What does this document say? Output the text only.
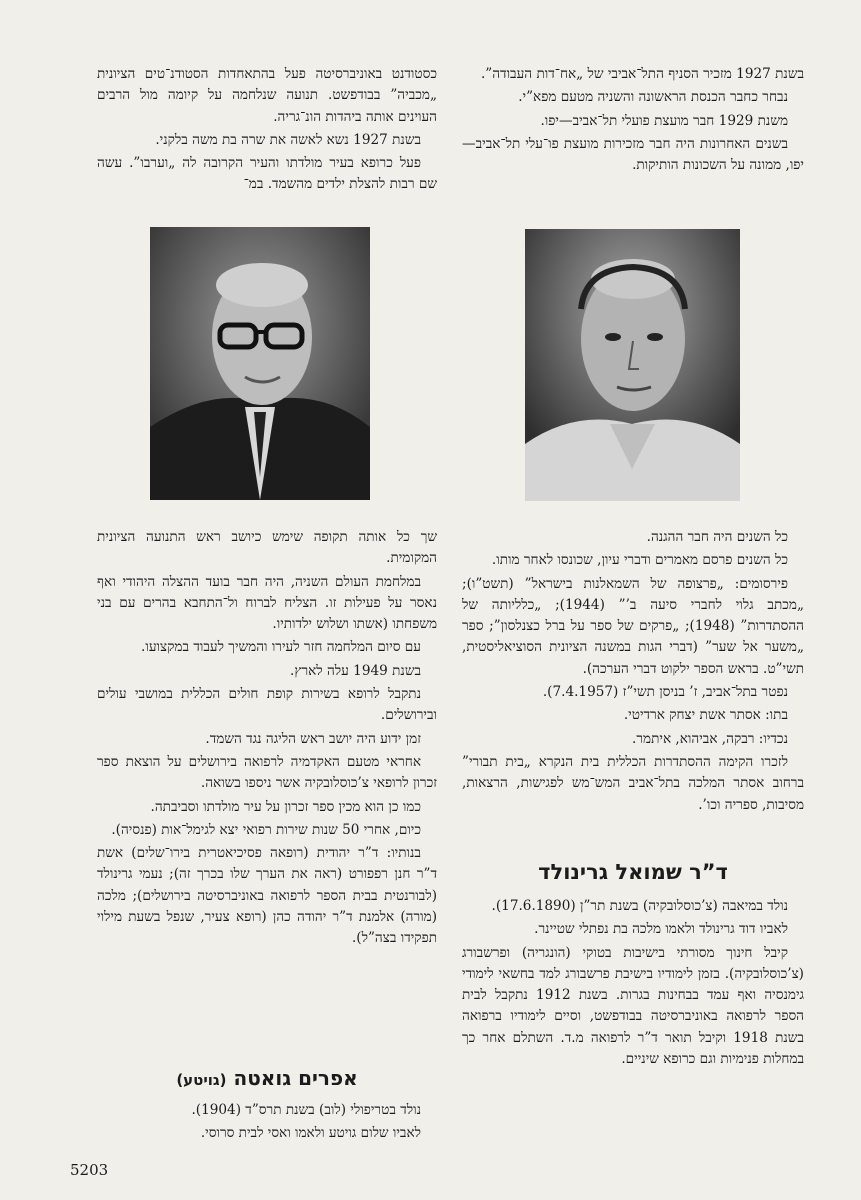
בשנת 1927 מזכיר הסניף התל־אביבי של „אח־דות העבודה”.

נבחר כחבר הכנסת הראשונה והשניה מטעם מפא”י.

משנת 1929 חבר מועצת פועלי תל־אביב—יפו.

בשנים האחרונות היה חבר מזכירות מועצת פו־עלי תל־אביב—יפו, ממונה על השכונות הותיקות.

כסטודנט באוניברסיטה פעל בהתאחדות הסטודנ־טים הציונית „מכביה” בבודפשט. תנועה שנלחמה על קיומה מול הרבים העוינים אותה ביהדות הונ־גריה.

בשנת 1927 נשא לאשה את שרה בת משה בלקני.

פעל כרופא בעיר מולדתו והעיר הקרובה לה „וערבו”. עשה שם רבות להצלת ילדים מהשמד. במ־

כל השנים היה חבר ההגנה.

כל השנים פרסם מאמרים ודברי עיון, שכונסו לאחר מותו.

פירסומים: „פרצופה של השמאלנות בישראל” (תשט”ו); „מכתב גלוי לחברי סיעה ב’” (1944); „כלליותה של ההסתדרות” (1948); „פרקים של ספר על ברל כצנלסון”; ספר „משער אל שער” (דברי הגות במשנה הציונית הסוציאליסטית, תשי”ט. בראש הספר ילקוט דברי הערכה).

נפטר בתל־אביב, ז’ בניסן תשי”ז (7.4.1957).

בתו: אסתר אשת יצחק ארדיטי.

נכדיו: רבקה, אביהוא, איתמר.

לזכרו הקימה ההסתדרות הכללית בית הנקרא „בית תבורי” ברחוב אסתר המלכה בתל־אביב המש־מש לפגישות, הרצאות, מסיבות, ספריה וכו’.

ד”ר שמואל גרינולד

נולד במיאבה (צ’כוסלובקיה) בשנת תר”ן (17.6.1890).

לאביו דוד גרינולד ולאמו מלכה בת נפתלי שטיינר.

קיבל חינוך מסורתי בישיבות בטוקי (הונגריה) ופרשבורג (צ’כוסלובקיה). בזמן לימודיו בישיבת פרשבורג למד בחשאי לימודי גימנסיה ואף עמד בבחינות בגרות. בשנת 1912 נתקבל לבית הספר לרפואה באוניברסיטה בבודפשט, וסיים לימודיו ברפואה בשנת 1918 וקיבל תואר ד”ר לרפואה מ.ד. השתלם אחר כך במחלות פנימיות וגם כרופא שיניים.

שך כל אותה תקופה שימש כיושב ראש התנועה הציונית המקומית.

במלחמת העולם השניה, היה חבר בועד ההצלה היהודי ואף נאסר על פעילות זו. הצליח לברוח ול־התחבא בהרים עם בני משפחתו (אשתו ושלוש ילדותיו.

עם סיום המלחמה חזר לעירו והמשיך לעבוד במקצועו.

בשנת 1949 עלה לארץ.

נתקבל לרופא בשירות קופת חולים הכללית במושבי עולים ובירושלים.

זמן ידוע היה יושב ראש הליגה נגד השמד.

אחראי מטעם האקדמיה לרפואה בירושלים על הוצאת ספר זכרון לרופאי צ’כוסלובקיה אשר ניספו בשואה.

כמו כן הוא מכין ספר זכרון על עיר מולדתו וסביבתה.

כיום, אחרי 50 שנות שירות רפואי יצא לגימל־אות (פנסיה).

בנותיו: ד”ר יהודית (רופאה פסיכיאטרית בירו־שלים) אשת ד”ר חנן רפפורט (ראה את הערך שלו בכרך זה); נעמי גרינולד (לבורנטית בבית הספר לרפואה באוניברסיטה בירושלים); מלכה (מורה) אלמנת ד”ר יהודה כהן (רופא צעיר, שנפל בשעת מילוי תפקידו בצה”ל).

אפרים גואטה (גויטע)

נולד בטריפולי (לוב) בשנת תרס”ד (1904).

לאביו שלום גויטע ולאמו ואסי לבית סרוסי.

5203
